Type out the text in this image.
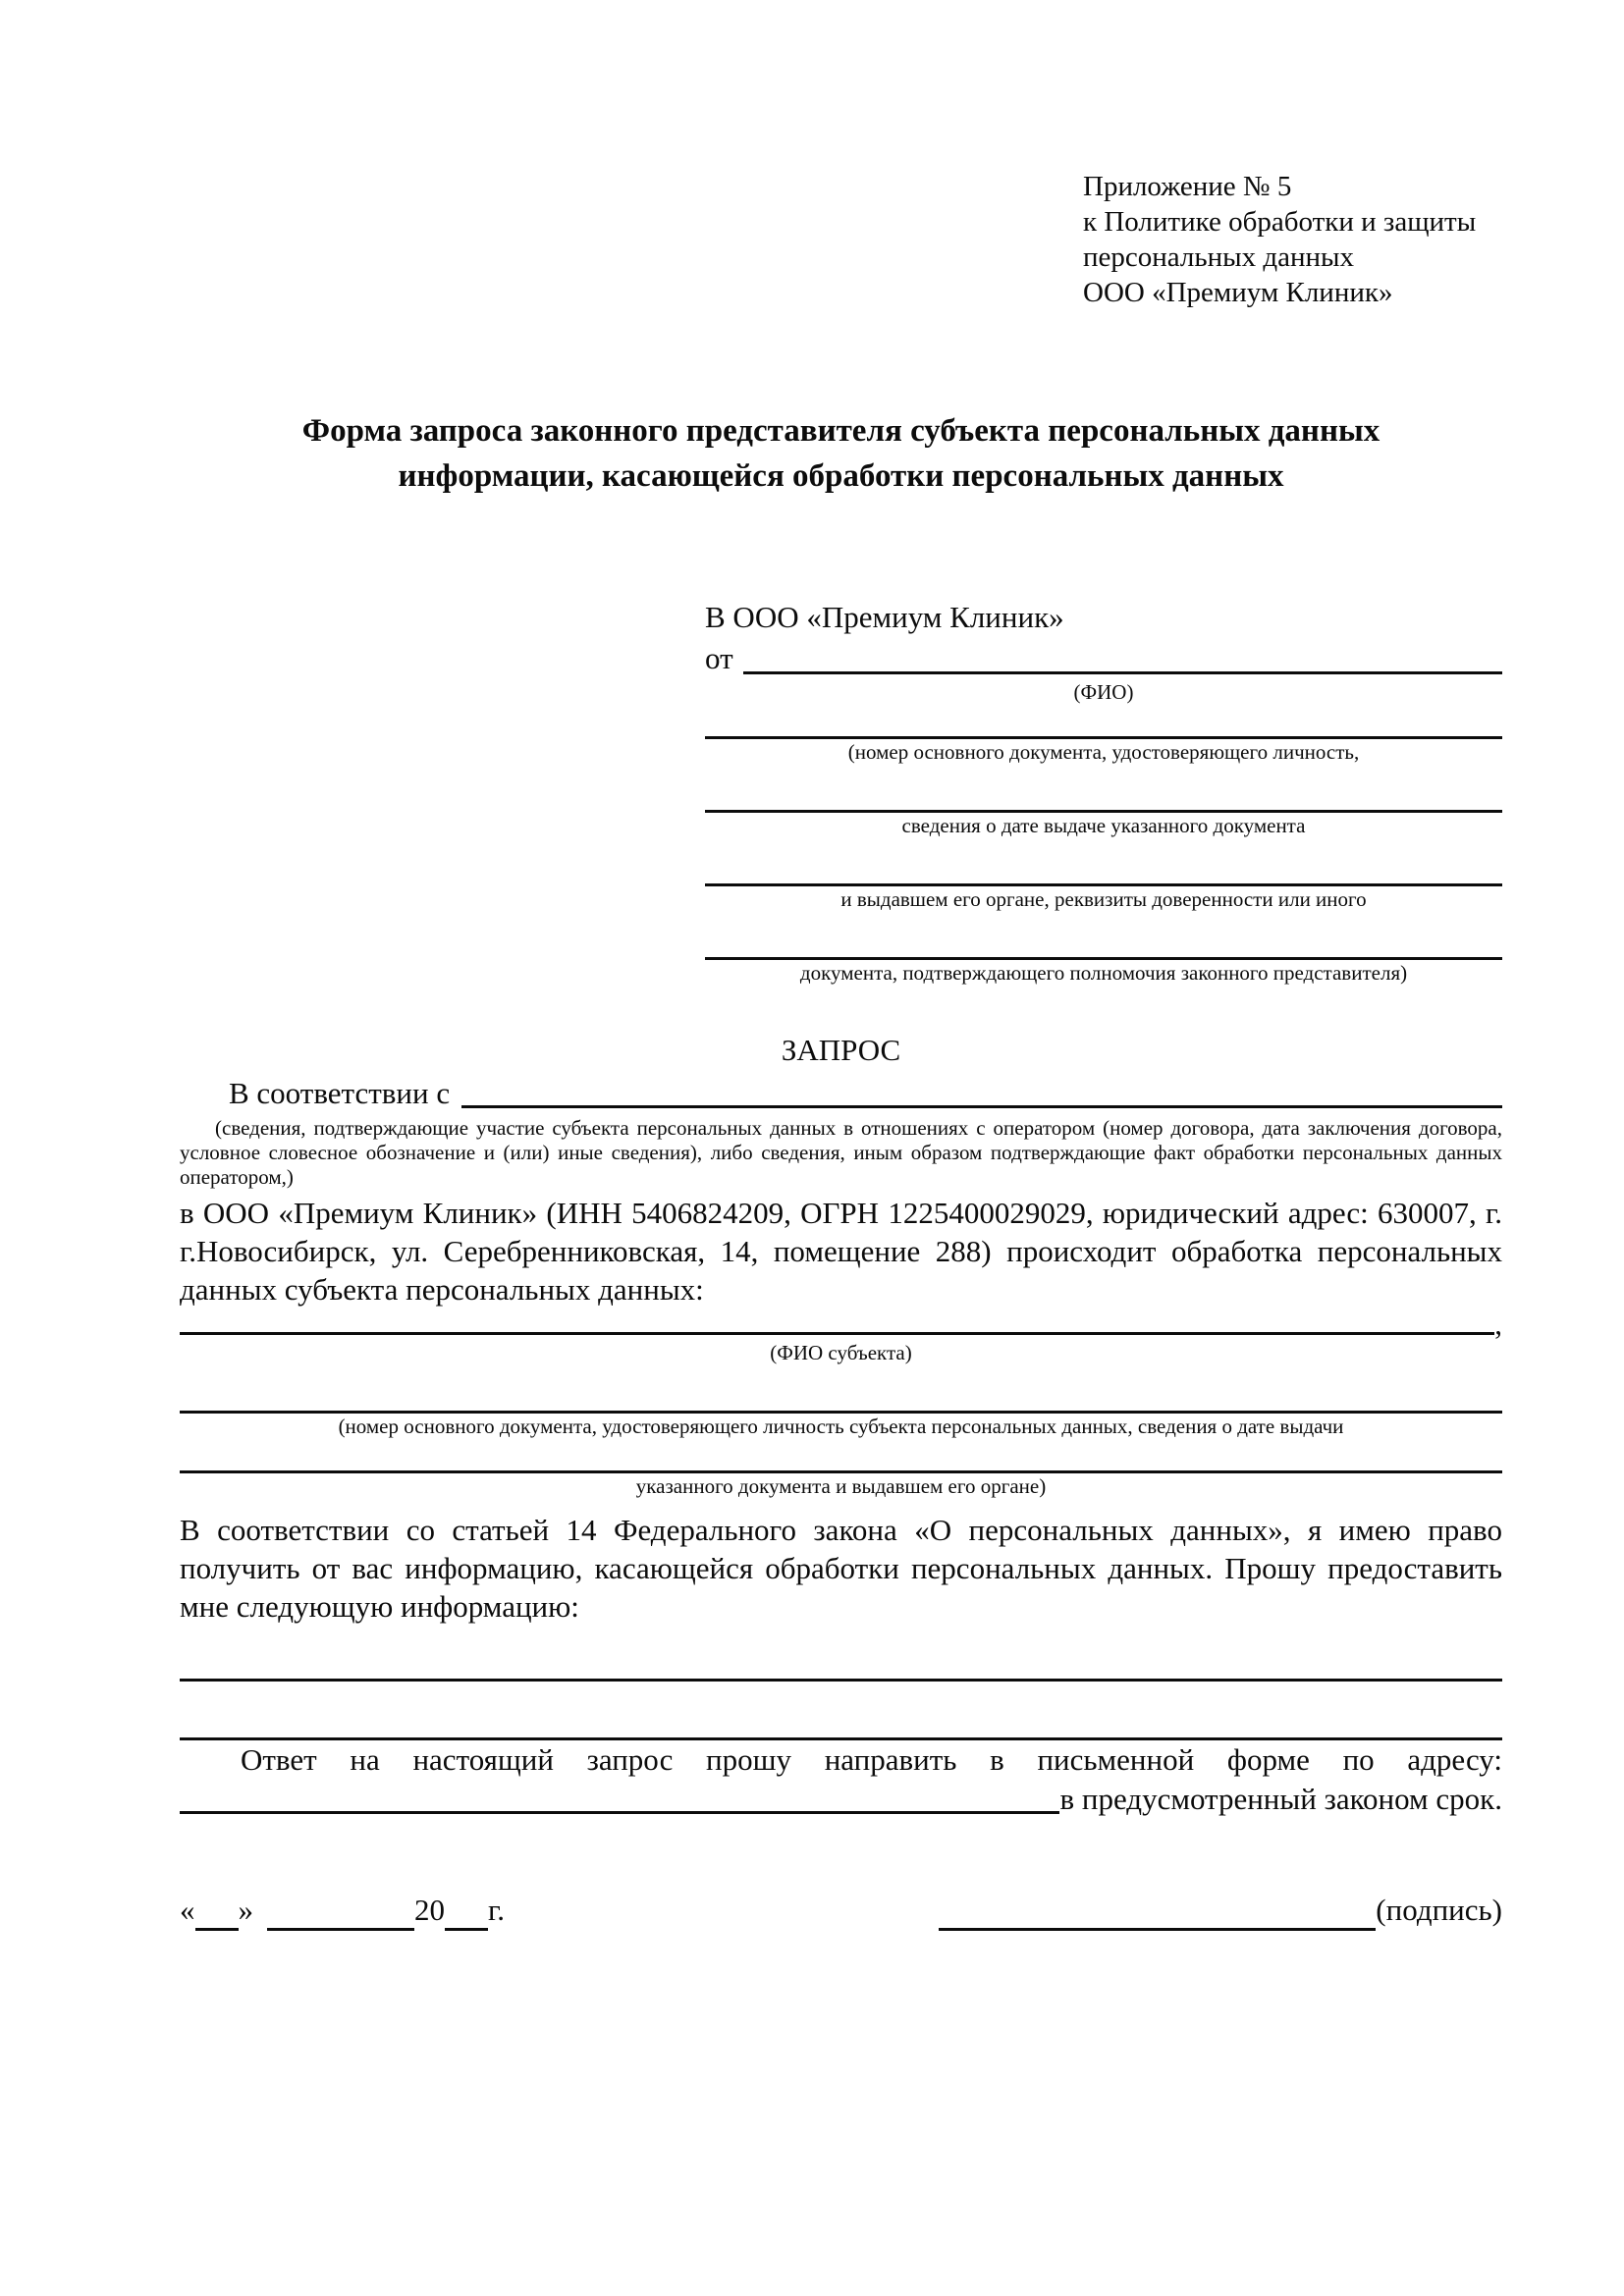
Приложение № 5
к Политике обработки и защиты
персональных данных
ООО «Премиум Клиник»
Форма запроса законного представителя субъекта персональных данных
информации, касающейся обработки персональных данных
В ООО «Премиум Клиник»
от
(ФИО)
(номер основного документа, удостоверяющего личность,
сведения о дате выдаче указанного документа
и выдавшем его органе, реквизиты доверенности или иного
документа, подтверждающего полномочия законного представителя)
ЗАПРОС
В соответствии с
(сведения, подтверждающие участие субъекта персональных данных в отношениях с оператором (номер договора, дата заключения договора, условное словесное обозначение и (или) иные сведения), либо сведения, иным образом подтверждающие факт обработки персональных данных оператором,)
в ООО «Премиум Клиник» (ИНН 5406824209, ОГРН 1225400029029, юридический адрес: 630007, г. г.Новосибирск, ул. Серебренниковская, 14, помещение 288) происходит обработка персональных данных субъекта персональных данных:
,
(ФИО субъекта)
(номер основного документа, удостоверяющего личность субъекта персональных данных, сведения о дате выдачи
указанного документа и выдавшем его органе)
В соответствии со статьей 14 Федерального закона «О персональных данных», я имею право получить от вас информацию, касающейся обработки персональных данных. Прошу предоставить мне следующую информацию:
Ответ на настоящий запрос прошу направить в письменной форме по адресу:
в предусмотренный законом срок.
« »	20 г.	(подпись)
